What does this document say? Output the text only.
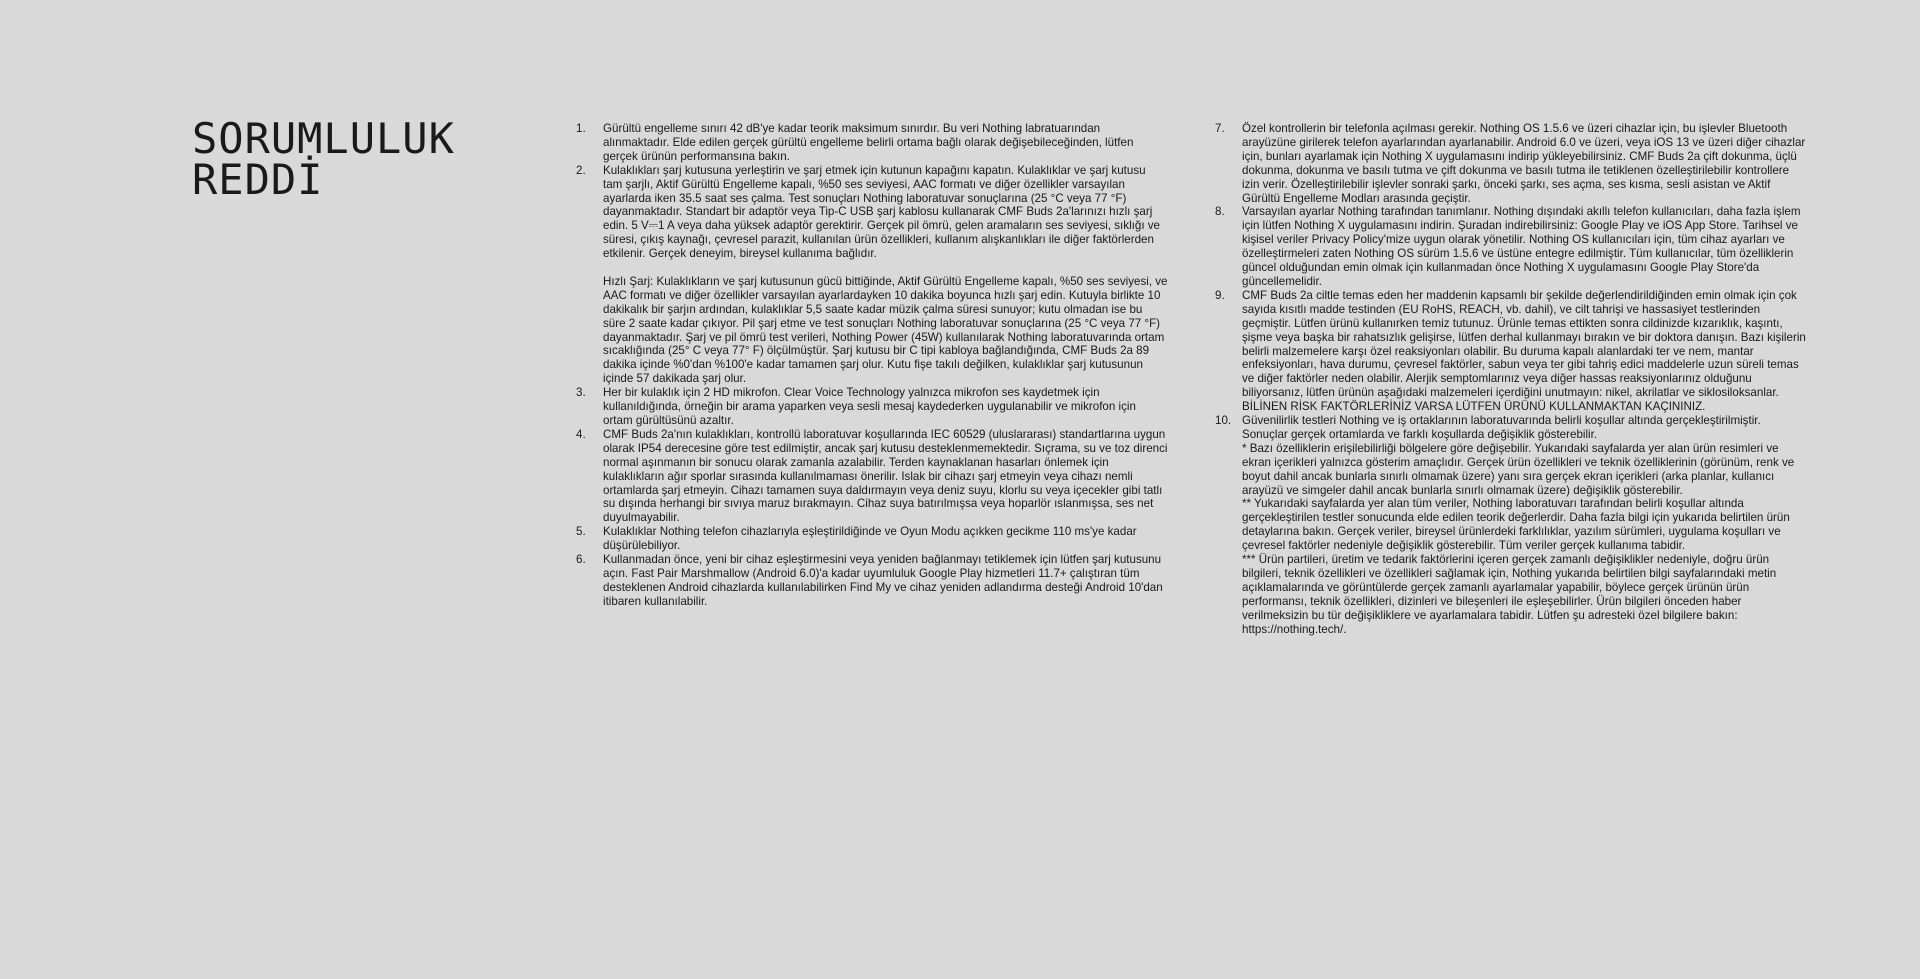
SORUMLULUK REDDİ
1. Gürültü engelleme sınırı 42 dB'ye kadar teorik maksimum sınırdır. Bu veri Nothing labratuarından alınmaktadır. Elde edilen gerçek gürültü engelleme belirli ortama bağlı olarak değişebileceğinden, lütfen gerçek ürünün performansına bakın.
2. Kulaklıkları şarj kutusuna yerleştirin ve şarj etmek için kutunun kapağını kapatın. Kulaklıklar ve şarj kutusu tam şarjlı, Aktif Gürültü Engelleme kapalı, %50 ses seviyesi, AAC formatı ve diğer özellikler varsayılan ayarlarda iken 35.5 saat ses çalma. Test sonuçları Nothing laboratuvar sonuçlarına (25 °C veya 77 °F) dayanmaktadır. Standart bir adaptör veya Tip-C USB şarj kablosu kullanarak CMF Buds 2a'larınızı hızlı şarj edin. 5 V⎓1 A veya daha yüksek adaptör gerektirir. Gerçek pil ömrü, gelen aramaların ses seviyesi, sıklığı ve süresi, çıkış kaynağı, çevresel parazit, kullanılan ürün özellikleri, kullanım alışkanlıkları ile diğer faktörlerden etkilenir. Gerçek deneyim, bireysel kullanıma bağlıdır.
Hızlı Şarj: Kulaklıkların ve şarj kutusunun gücü bittiğinde, Aktif Gürültü Engelleme kapalı, %50 ses seviyesi, ve AAC formatı ve diğer özellikler varsayılan ayarlardayken 10 dakika boyunca hızlı şarj edin. Kutuyla birlikte 10 dakikalık bir şarjın ardından, kulaklıklar 5,5 saate kadar müzik çalma süresi sunuyor; kutu olmadan ise bu süre 2 saate kadar çıkıyor. Pil şarj etme ve test sonuçları Nothing laboratuvar sonuçlarına (25 °C veya 77 °F) dayanmaktadır. Şarj ve pil ömrü test verileri, Nothing Power (45W) kullanılarak Nothing laboratuvarında ortam sıcaklığında (25° C veya 77° F) ölçülmüştür. Şarj kutusu bir C tipi kabloya bağlandığında, CMF Buds 2a 89 dakika içinde %0'dan %100'e kadar tamamen şarj olur. Kutu fişe takılı değilken, kulaklıklar şarj kutusunun içinde 57 dakikada şarj olur.
3. Her bir kulaklık için 2 HD mikrofon. Clear Voice Technology yalnızca mikrofon ses kaydetmek için kullanıldığında, örneğin bir arama yaparken veya sesli mesaj kaydederken uygulanabilir ve mikrofon için ortam gürültüsünü azaltır.
4. CMF Buds 2a'nın kulaklıkları, kontrollü laboratuvar koşullarında IEC 60529 (uluslararası) standartlarına uygun olarak IP54 derecesine göre test edilmiştir, ancak şarj kutusu desteklenmemektedir. Sıçrama, su ve toz direnci normal aşınmanın bir sonucu olarak zamanla azalabilir. Terden kaynaklanan hasarları önlemek için kulaklıkların ağır sporlar sırasında kullanılmaması önerilir. Islak bir cihazı şarj etmeyin veya cihazı nemli ortamlarda şarj etmeyin. Cihazı tamamen suya daldırmayın veya deniz suyu, klorlu su veya içecekler gibi tatlı su dışında herhangi bir sıvıya maruz bırakmayın. Cihaz suya batırılmışsa veya hoparlör ıslanmışsa, ses net duyulmayabilir.
5. Kulaklıklar Nothing telefon cihazlarıyla eşleştirildiğinde ve Oyun Modu açıkken gecikme 110 ms'ye kadar düşürülebiliyor.
6. Kullanmadan önce, yeni bir cihaz eşleştirmesini veya yeniden bağlanmayı tetiklemek için lütfen şarj kutusunu açın. Fast Pair Marshmallow (Android 6.0)'a kadar uyumluluk Google Play hizmetleri 11.7+ çalıştıran tüm desteklenen Android cihazlarda kullanılabilirken Find My ve cihaz yeniden adlandırma desteği Android 10'dan itibaren kullanılabilir.
7. Özel kontrollerin bir telefonla açılması gerekir. Nothing OS 1.5.6 ve üzeri cihazlar için, bu işlevler Bluetooth arayüzüne girilerek telefon ayarlarından ayarlanabilir. Android 6.0 ve üzeri, veya iOS 13 ve üzeri diğer cihazlar için, bunları ayarlamak için Nothing X uygulamasını indirip yükleyebilirsiniz. CMF Buds 2a çift dokunma, üçlü dokunma, dokunma ve basılı tutma ve çift dokunma ve basılı tutma ile tetiklenen özelleştirilebilir kontrollere izin verir. Özelleştirilebilir işlevler sonraki şarkı, önceki şarkı, ses açma, ses kısma, sesli asistan ve Aktif Gürültü Engelleme Modları arasında geçiştir.
8. Varsayılan ayarlar Nothing tarafından tanımlanır. Nothing dışındaki akıllı telefon kullanıcıları, daha fazla işlem için lütfen Nothing X uygulamasını indirin. Şuradan indirebilirsiniz: Google Play ve iOS App Store. Tarihsel ve kişisel veriler Privacy Policy'mize uygun olarak yönetilir. Nothing OS kullanıcıları için, tüm cihaz ayarları ve özelleştirmeleri zaten Nothing OS sürüm 1.5.6 ve üstüne entegre edilmiştir. Tüm kullanıcılar, tüm özelliklerin güncel olduğundan emin olmak için kullanmadan önce Nothing X uygulamasını Google Play Store'da güncellemelidir.
9. CMF Buds 2a ciltle temas eden her maddenin kapsamlı bir şekilde değerlendirildiğinden emin olmak için çok sayıda kısıtlı madde testinden (EU RoHS, REACH, vb. dahil), ve cilt tahrişi ve hassasiyet testlerinden geçmiştir. Lütfen ürünü kullanırken temiz tutunuz. Ürünle temas ettikten sonra cildinizde kızarıklık, kaşıntı, şişme veya başka bir rahatsızlık gelişirse, lütfen derhal kullanmayı bırakın ve bir doktora danışın. Bazı kişilerin belirli malzemelere karşı özel reaksiyonları olabilir. Bu duruma kapalı alanlardaki ter ve nem, mantar enfeksiyonları, hava durumu, çevresel faktörler, sabun veya ter gibi tahriş edici maddelerle uzun süreli temas ve diğer faktörler neden olabilir. Alerjik semptomlarınız veya diğer hassas reaksiyonlarınız olduğunu biliyorsanız, lütfen ürünün aşağıdaki malzemeleri içerdiğini unutmayın: nikel, akrilatlar ve siklosiloksanlar. BİLİNEN RİSK FAKTÖRLERİNİZ VARSA LÜTFEN ÜRÜNÜ KULLANMAKTAN KAÇININIZ.
10. Güvenilirlik testleri Nothing ve iş ortaklarının laboratuvarında belirli koşullar altında gerçekleştirilmiştir. Sonuçlar gerçek ortamlarda ve farklı koşullarda değişiklik gösterebilir.
* Bazı özelliklerin erişilebilirliği bölgelere göre değişebilir. Yukarıdaki sayfalarda yer alan ürün resimleri ve ekran içerikleri yalnızca gösterim amaçlıdır. Gerçek ürün özellikleri ve teknik özelliklerinin (görünüm, renk ve boyut dahil ancak bunlarla sınırlı olmamak üzere) yanı sıra gerçek ekran içerikleri (arka planlar, kullanıcı arayüzü ve simgeler dahil ancak bunlarla sınırlı olmamak üzere) değişiklik gösterebilir.
** Yukarıdaki sayfalarda yer alan tüm veriler, Nothing laboratuvarı tarafından belirli koşullar altında gerçekleştirilen testler sonucunda elde edilen teorik değerlerdir. Daha fazla bilgi için yukarıda belirtilen ürün detaylarına bakın. Gerçek veriler, bireysel ürünlerdeki farklılıklar, yazılım sürümleri, uygulama koşulları ve çevresel faktörler nedeniyle değişiklik gösterebilir. Tüm veriler gerçek kullanıma tabidir.
*** Ürün partileri, üretim ve tedarik faktörlerini içeren gerçek zamanlı değişiklikler nedeniyle, doğru ürün bilgileri, teknik özellikleri ve özellikleri sağlamak için, Nothing yukarıda belirtilen bilgi sayfalarındaki metin açıklamalarında ve görüntülerde gerçek zamanlı ayarlamalar yapabilir, böylece gerçek ürünün ürün performansı, teknik özellikleri, dizinleri ve bileşenleri ile eşleşebilirler. Ürün bilgileri önceden haber verilmeksizin bu tür değişikliklere ve ayarlamalara tabidir. Lütfen şu adresteki özel bilgilere bakın: https://nothing.tech/.
